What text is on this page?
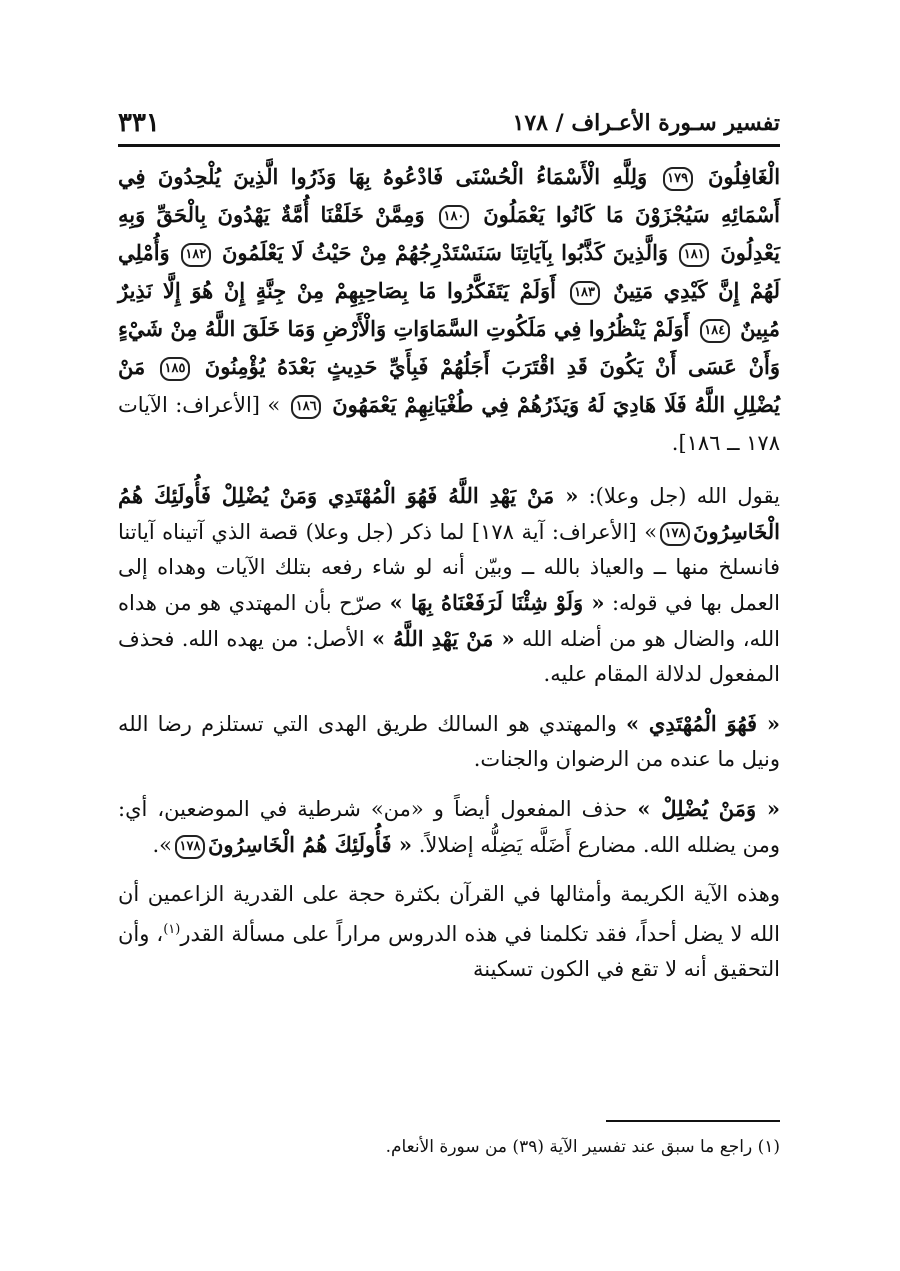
٣٣١	تفسير سـورة الأعـراف / ١٧٨
الْغَافِلُونَ ١٧٩ وَلِلَّهِ الْأَسْمَاءُ الْحُسْنَى فَادْعُوهُ بِهَا وَذَرُوا الَّذِينَ يُلْحِدُونَ فِي أَسْمَائِهِ سَيُجْزَوْنَ مَا كَانُوا يَعْمَلُونَ ١٨٠ وَمِمَّنْ خَلَقْنَا أُمَّةٌ يَهْدُونَ بِالْحَقِّ وَبِهِ يَعْدِلُونَ ١٨١ وَالَّذِينَ كَذَّبُوا بِآيَاتِنَا سَنَسْتَدْرِجُهُمْ مِنْ حَيْثُ لَا يَعْلَمُونَ ١٨٢ وَأُمْلِي لَهُمْ إِنَّ كَيْدِي مَتِينٌ ١٨٣ أَوَلَمْ يَتَفَكَّرُوا مَا بِصَاحِبِهِمْ مِنْ جِنَّةٍ إِنْ هُوَ إِلَّا نَذِيرٌ مُبِينٌ ١٨٤ أَوَلَمْ يَنْظُرُوا فِي مَلَكُوتِ السَّمَاوَاتِ وَالْأَرْضِ وَمَا خَلَقَ اللَّهُ مِنْ شَيْءٍ وَأَنْ عَسَى أَنْ يَكُونَ قَدِ اقْتَرَبَ أَجَلُهُمْ فَبِأَيِّ حَدِيثٍ بَعْدَهُ يُؤْمِنُونَ ١٨٥ مَنْ يُضْلِلِ اللَّهُ فَلَا هَادِيَ لَهُ وَيَذَرُهُمْ فِي طُغْيَانِهِمْ يَعْمَهُونَ ١٨٦ » [الأعراف: الآيات ١٧٨ ــ ١٨٦].

يقول الله (جل وعلا): « مَنْ يَهْدِ اللَّهُ فَهُوَ الْمُهْتَدِي وَمَنْ يُضْلِلْ فَأُولَئِكَ هُمُ الْخَاسِرُونَ١٧٨» [الأعراف: آية ١٧٨] لما ذكر (جل وعلا) قصة الذي آتيناه آياتنا فانسلخ منها ــ والعياذ بالله ــ وبيّن أنه لو شاء رفعه بتلك الآيات وهداه إلى العمل بها في قوله: « وَلَوْ شِئْنَا لَرَفَعْنَاهُ بِهَا » صرّح بأن المهتدي هو من هداه الله، والضال هو من أضله الله « مَنْ يَهْدِ اللَّهُ » الأصل: من يهده الله. فحذف المفعول لدلالة المقام عليه.

« فَهُوَ الْمُهْتَدِي » والمهتدي هو السالك طريق الهدى التي تستلزم رضا الله ونيل ما عنده من الرضوان والجنات.

« وَمَنْ يُضْلِلْ » حذف المفعول أيضاً و «من» شرطية في الموضعين، أي: ومن يضلله الله. مضارع أَضَلَّه يَضِلُّه إضلالاً. « فَأُولَئِكَ هُمُ الْخَاسِرُونَ١٧٨».

وهذه الآية الكريمة وأمثالها في القرآن بكثرة حجة على القدرية الزاعمين أن الله لا يضل أحداً، فقد تكلمنا في هذه الدروس مراراً على مسألة القدر$^{(١)}$، وأن التحقيق أنه لا تقع في الكون تسكينة

(١) راجع ما سبق عند تفسير الآية (٣٩) من سورة الأنعام.
